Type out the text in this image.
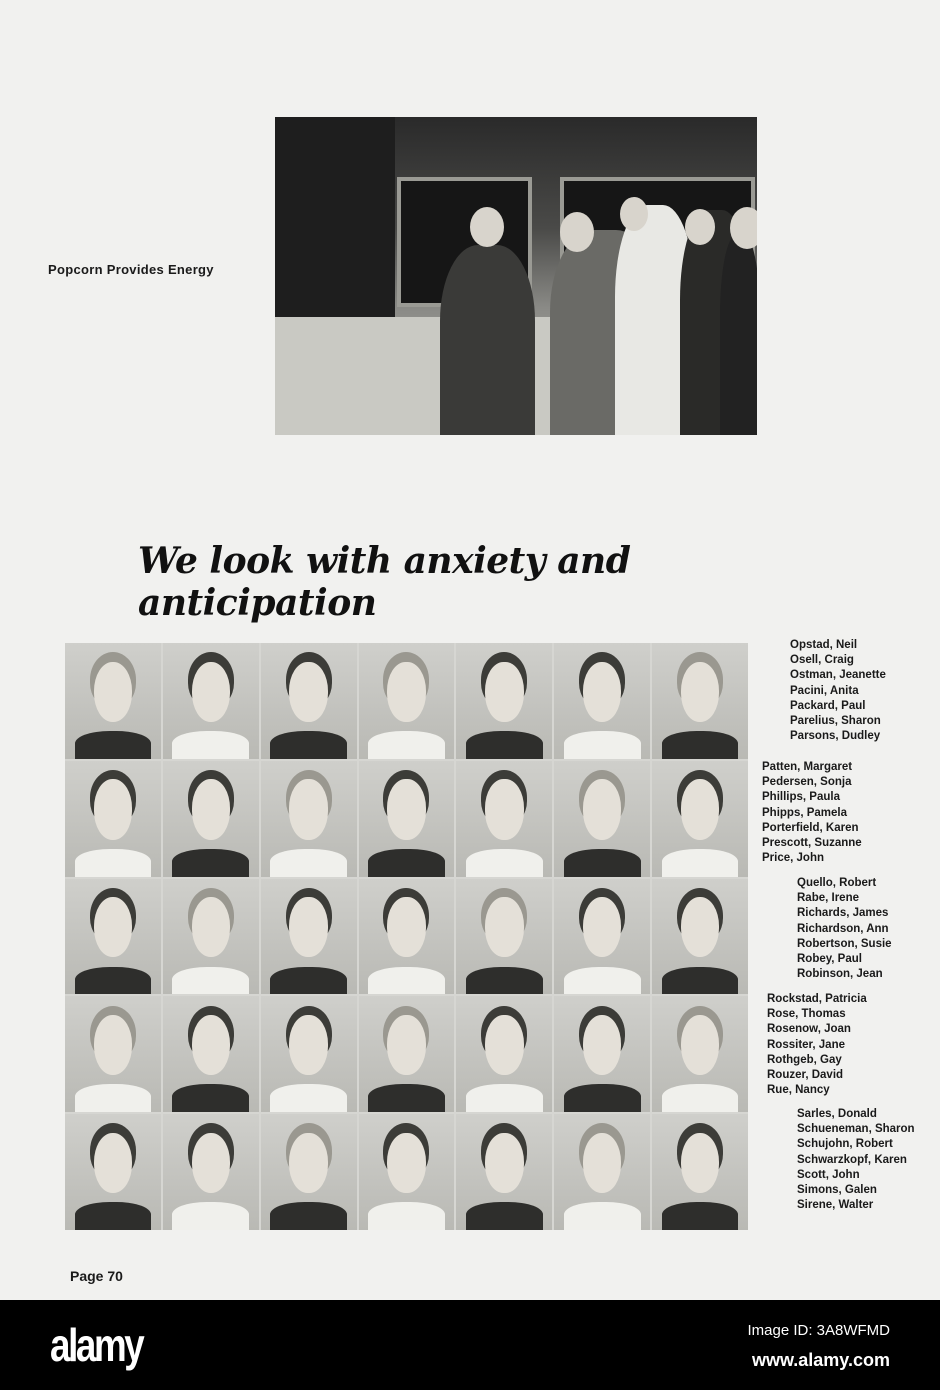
Popcorn Provides Energy
We look with anxiety and anticipation
Opstad, Neil
Osell, Craig
Ostman, Jeanette
Pacini, Anita
Packard, Paul
Parelius, Sharon
Parsons, Dudley
Patten, Margaret
Pedersen, Sonja
Phillips, Paula
Phipps, Pamela
Porterfield, Karen
Prescott, Suzanne
Price, John
Quello, Robert
Rabe, Irene
Richards, James
Richardson, Ann
Robertson, Susie
Robey, Paul
Robinson, Jean
Rockstad, Patricia
Rose, Thomas
Rosenow, Joan
Rossiter, Jane
Rothgeb, Gay
Rouzer, David
Rue, Nancy
Sarles, Donald
Schueneman, Sharon
Schujohn, Robert
Schwarzkopf, Karen
Scott, John
Simons, Galen
Sirene, Walter
Page 70
alamy	Image ID: 3A8WFMD
www.alamy.com
